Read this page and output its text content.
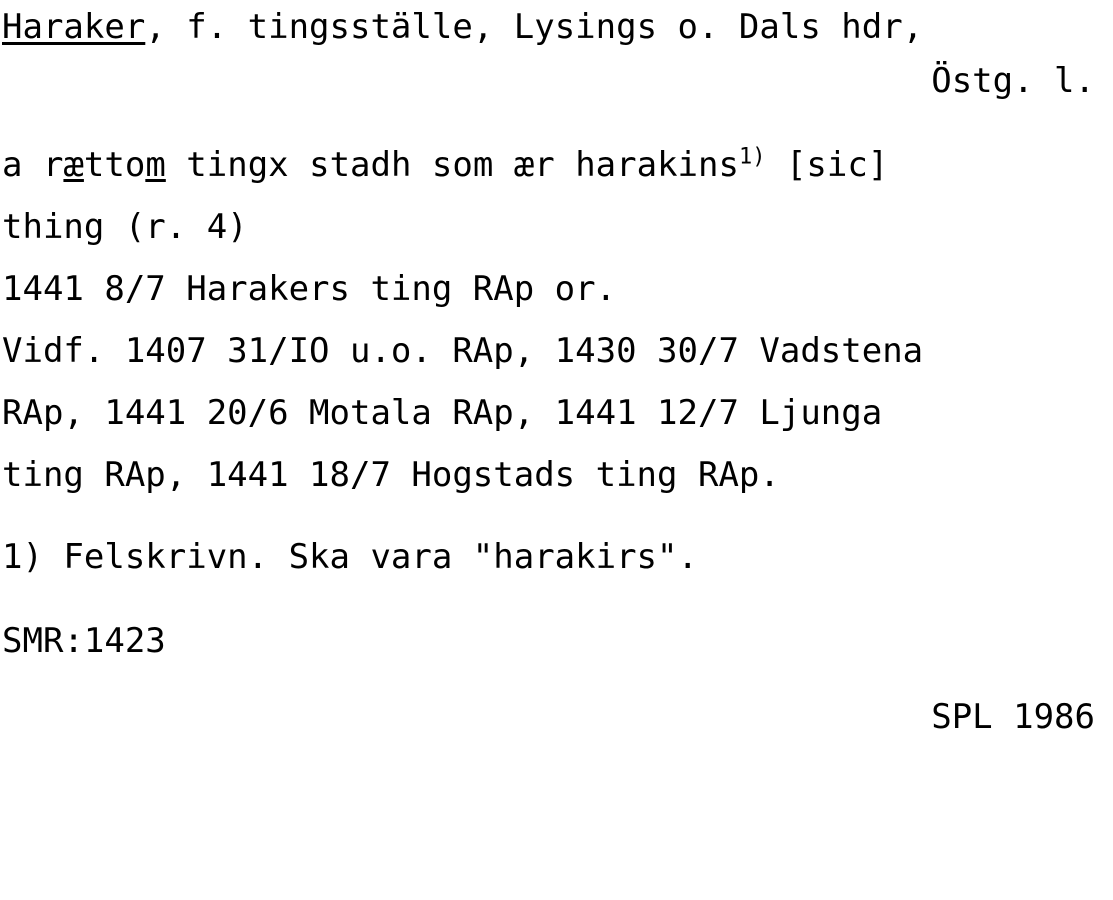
Haraker, f. tingsställe, Lysings o. Dals hdr,
Östg. l.
a rættom tingx stadh som ær harakins$^{1)}$ [sic]
thing (r. 4)
1441 8/7 Harakers ting RAp or.
Vidf. 1407 31/IO u.o. RAp, 1430 30/7 Vadstena
RAp, 1441 20/6 Motala RAp, 1441 12/7 Ljunga
ting RAp, 1441 18/7 Hogstads ting RAp.
1) Felskrivn. Ska vara "harakirs".
SMR:1423
SPL 1986
